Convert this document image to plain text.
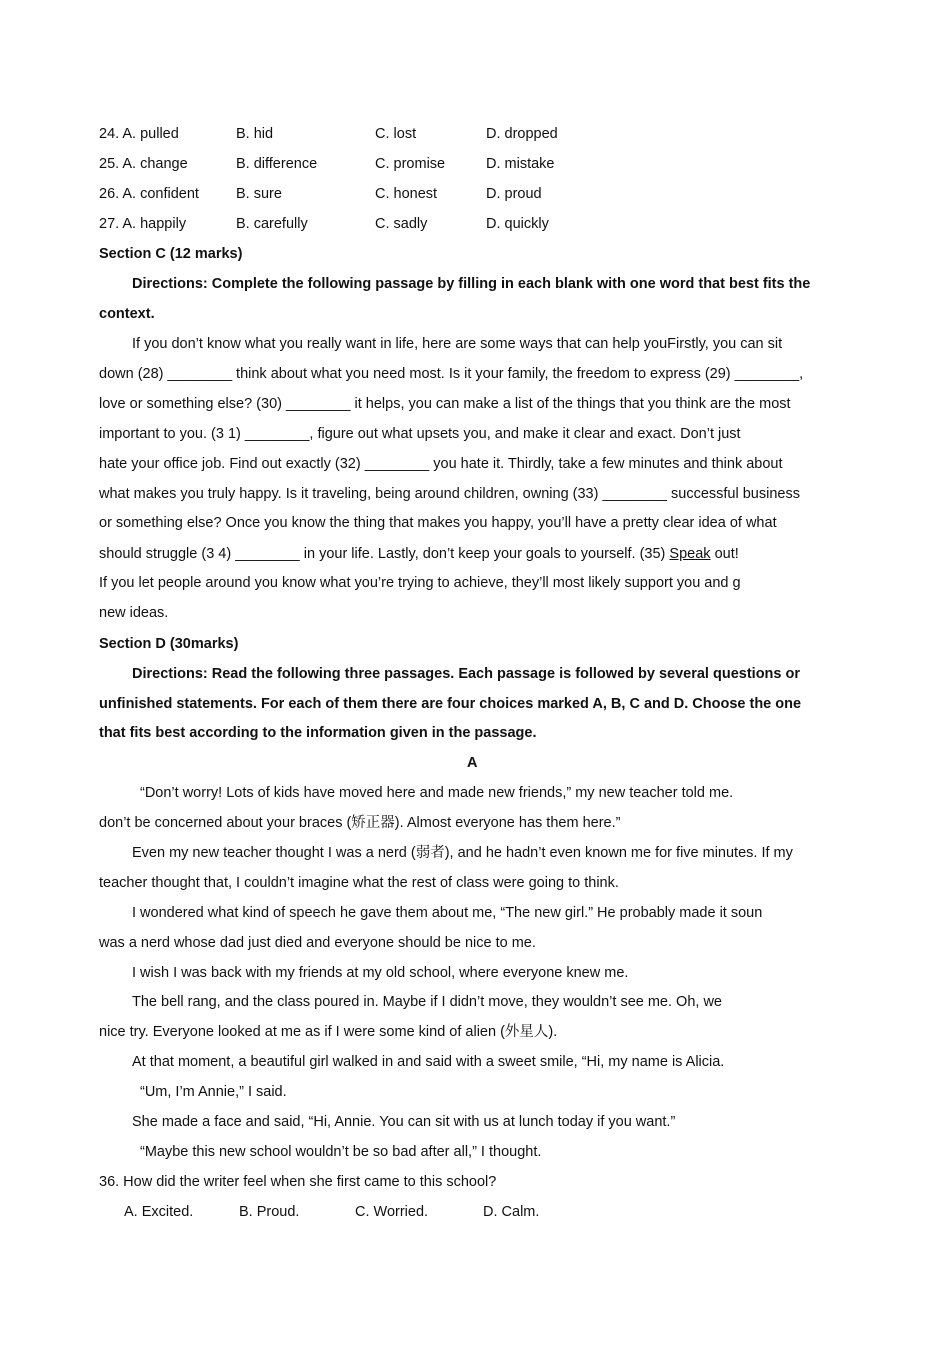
24. A. pulled	B. hid	C. lost	D. dropped
25. A. change	B. difference	C. promise	D. mistake
26. A. confident	B. sure	C. honest	D. proud
27. A. happily	B. carefully	C. sadly	D. quickly
Section C (12 marks)
Directions: Complete the following passage by filling in each blank with one word that best fits the
context.
If you don’t know what you really want in life, here are some ways that can help youFirstly, you can sit
down (28) ________ think about what you need most. Is it your family, the freedom to express (29) ________,
love or something else? (30) ________ it helps, you can make a list of the things that you think are the most
important to you. (3 1) ________, figure out what upsets you, and make it clear and exact. Don’t just
hate your office job. Find out exactly (32) ________ you hate it. Thirdly, take a few minutes and think about
what makes you truly happy. Is it traveling, being around children, owning (33) ________ successful business
or something else? Once you know the thing that makes you happy, you’ll have a pretty clear idea of what
should struggle (3 4) ________ in your life. Lastly, don’t keep your goals to yourself. (35) Speak out!
If you let people around you know what you’re trying to achieve, they’ll most likely support you and g
new ideas.
Section D (30marks)
Directions: Read the following three passages. Each passage is followed by several questions or
unfinished statements. For each of them there are four choices marked A, B, C and D. Choose the one
that fits best according to the information given in the passage.
A
“Don’t worry! Lots of kids have moved here and made new friends,” my new teacher told me.
don’t be concerned about your braces (矫正器). Almost everyone has them here.”
Even my new teacher thought I was a nerd (弱者), and he hadn’t even known me for five minutes. If my
teacher thought that, I couldn’t imagine what the rest of class were going to think.
I wondered what kind of speech he gave them about me, “The new girl.” He probably made it soun
was a nerd whose dad just died and everyone should be nice to me.
I wish I was back with my friends at my old school, where everyone knew me.
The bell rang, and the class poured in. Maybe if I didn’t move, they wouldn’t see me. Oh, we
nice try. Everyone looked at me as if I were some kind of alien (外星人).
At that moment, a beautiful girl walked in and said with a sweet smile, “Hi, my name is Alicia.
“Um, I’m Annie,” I said.
She made a face and said, “Hi, Annie. You can sit with us at lunch today if you want.”
“Maybe this new school wouldn’t be so bad after all,” I thought.
36. How did the writer feel when she first came to this school?
A. Excited.	B. Proud.	C. Worried.	D. Calm.
